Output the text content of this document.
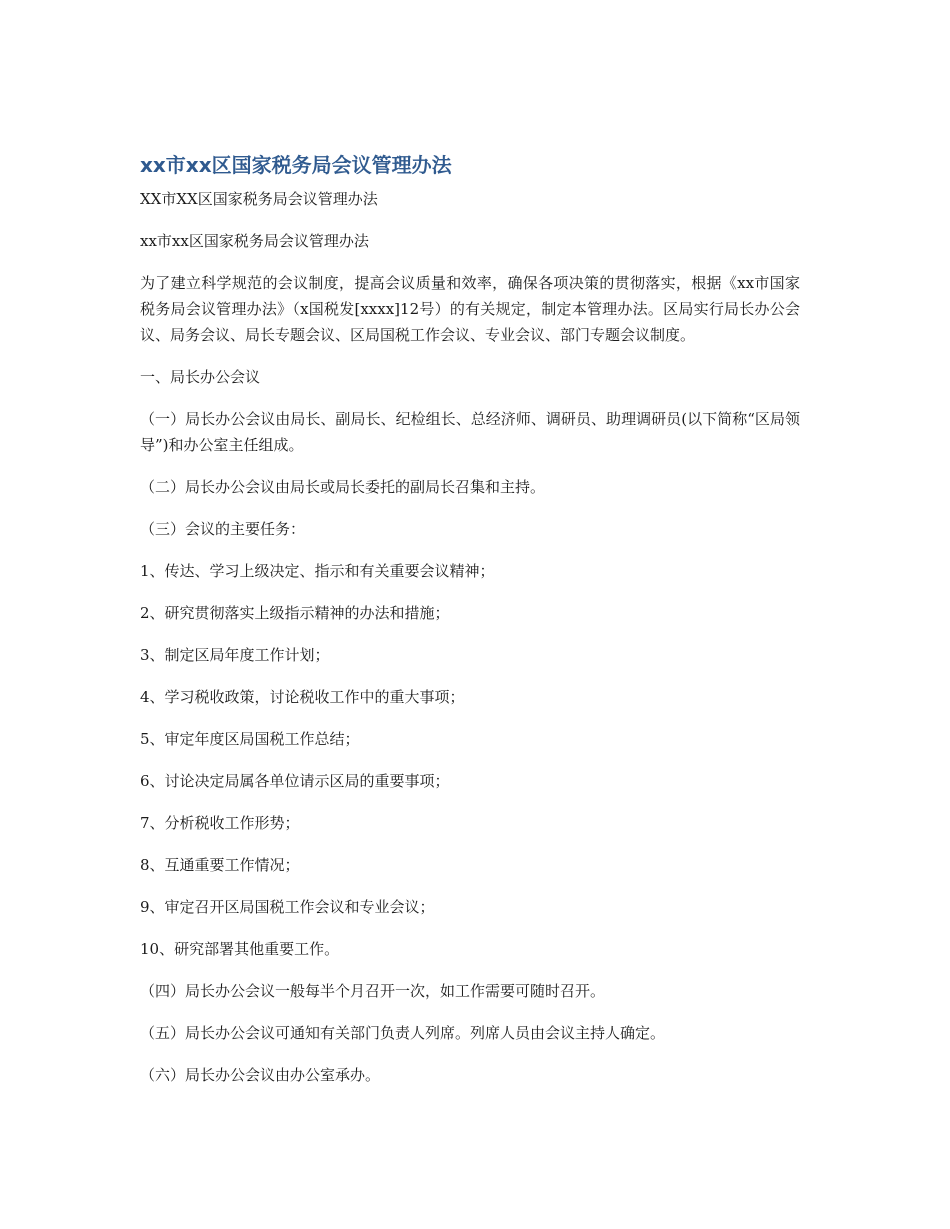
xx市xx区国家税务局会议管理办法

XX市XX区国家税务局会议管理办法

xx市xx区国家税务局会议管理办法

为了建立科学规范的会议制度，提高会议质量和效率，确保各项决策的贯彻落实，根据《xx市国家税务局会议管理办法》（x国税发[xxxx]12号）的有关规定，制定本管理办法。区局实行局长办公会议、局务会议、局长专题会议、区局国税工作会议、专业会议、部门专题会议制度。

一、局长办公会议

（一）局长办公会议由局长、副局长、纪检组长、总经济师、调研员、助理调研员(以下简称“区局领导”)和办公室主任组成。

（二）局长办公会议由局长或局长委托的副局长召集和主持。

（三）会议的主要任务：

1、传达、学习上级决定、指示和有关重要会议精神；

2、研究贯彻落实上级指示精神的办法和措施；

3、制定区局年度工作计划；

4、学习税收政策，讨论税收工作中的重大事项；

5、审定年度区局国税工作总结；

6、讨论决定局属各单位请示区局的重要事项；

7、分析税收工作形势；

8、互通重要工作情况；

9、审定召开区局国税工作会议和专业会议；

10、研究部署其他重要工作。

（四）局长办公会议一般每半个月召开一次，如工作需要可随时召开。

（五）局长办公会议可通知有关部门负责人列席。列席人员由会议主持人确定。

（六）局长办公会议由办公室承办。
